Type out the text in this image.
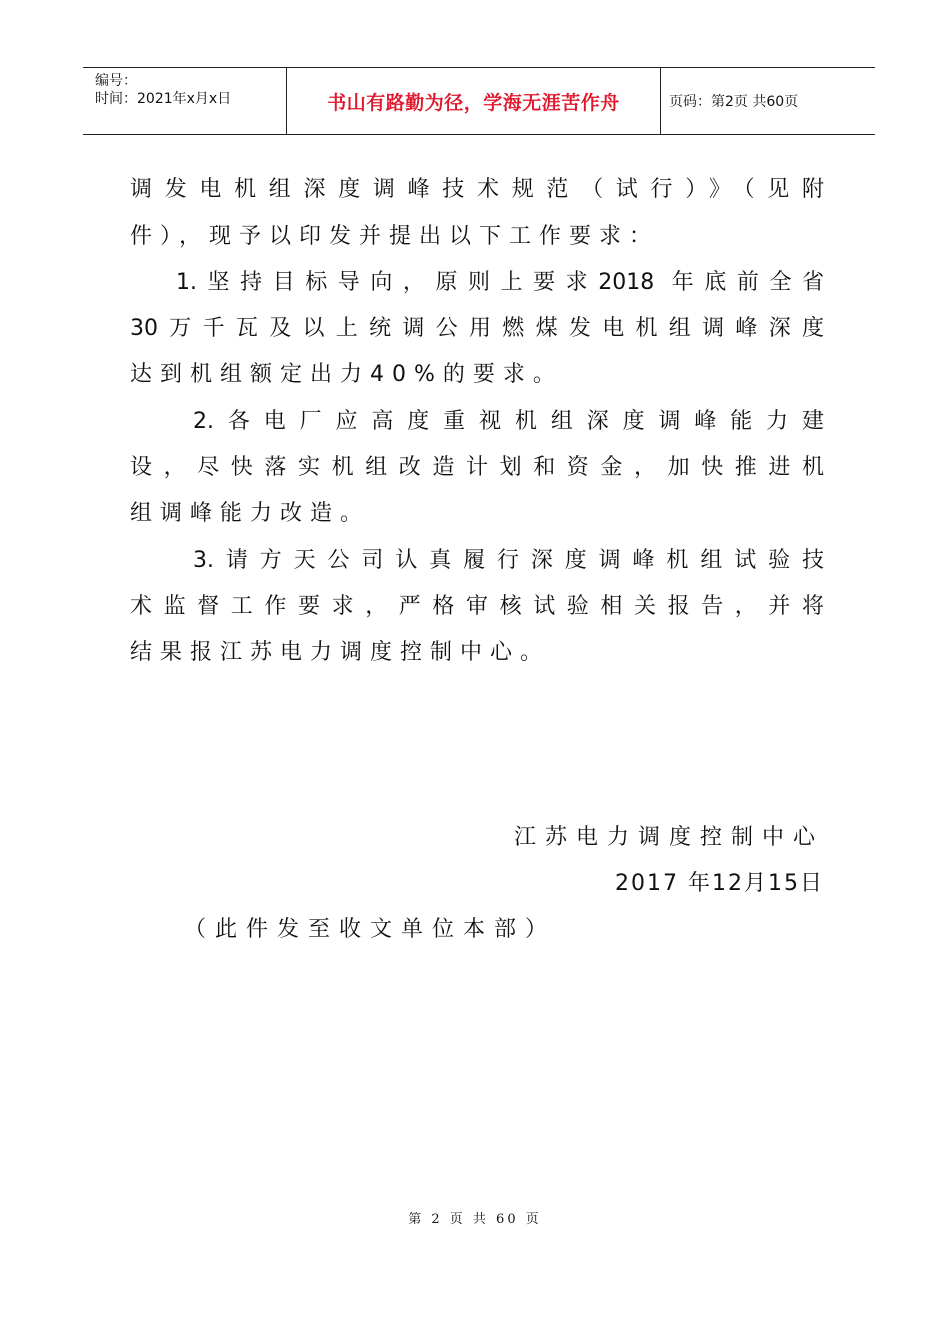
编号：
时间：2021年x月x日	书山有路勤为径，学海无涯苦作舟	页码：第2页 共60页
调发电机组深度调峰技术规范（试行）》（见附
件），现予以印发并提出以下工作要求：
1.坚持目标导向，原则上要求2018 年底前全省
30万千瓦及以上统调公用燃煤发电机组调峰深度
达到机组额定出力40%的要求。
2.各电厂应高度重视机组深度调峰能力建
设，尽快落实机组改造计划和资金，加快推进机
组调峰能力改造。
3.请方天公司认真履行深度调峰机组试验技
术监督工作要求，严格审核试验相关报告，并将
结果报江苏电力调度控制中心。
江苏电力调度控制中心
2017 年12月15日
（此件发至收文单位本部）
第 2 页 共 60 页
